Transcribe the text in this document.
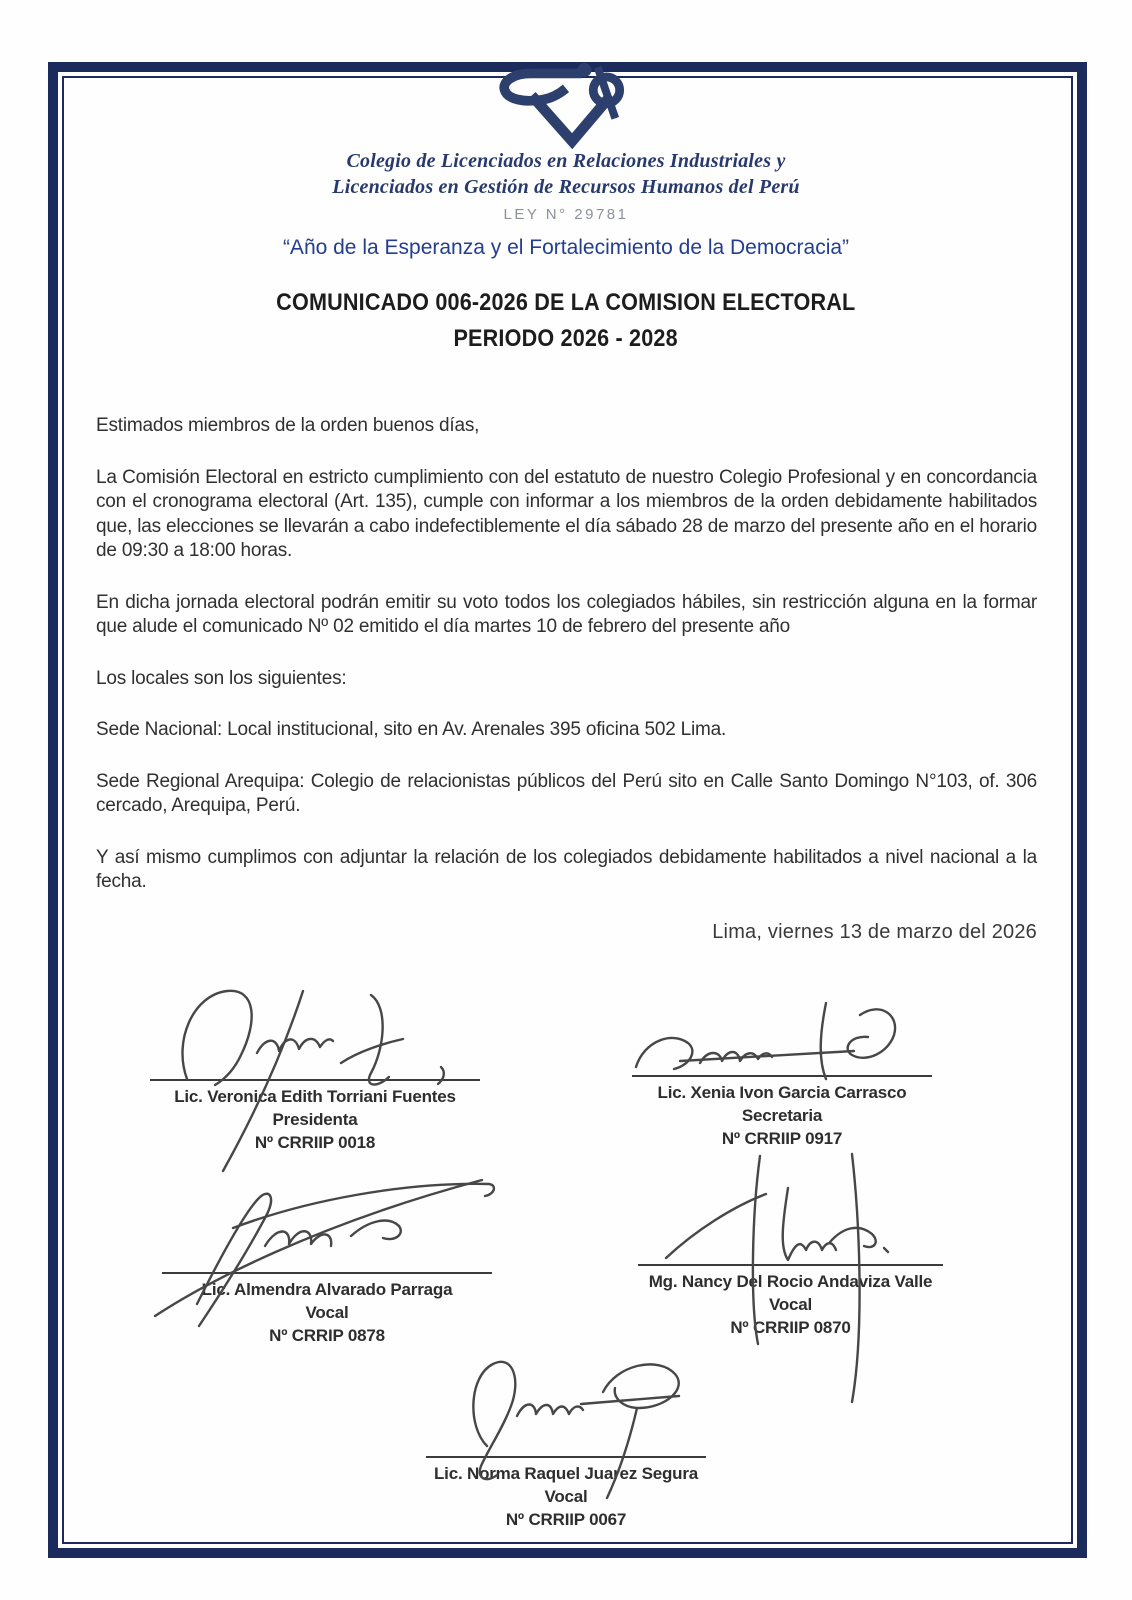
Colegio de Licenciados en Relaciones Industriales y
Licenciados en Gestión de Recursos Humanos del Perú
LEY N° 29781
“Año de la Esperanza y el Fortalecimiento de la Democracia”
COMUNICADO 006-2026 DE LA COMISION ELECTORAL
PERIODO 2026 - 2028

Estimados miembros de la orden buenos días,

La Comisión Electoral en estricto cumplimiento con del estatuto de nuestro Colegio Profesional y en concordancia con el cronograma electoral (Art. 135), cumple con informar a los miembros de la orden debidamente habilitados que, las elecciones se llevarán a cabo indefectiblemente el día sábado 28 de marzo del presente año en el horario de 09:30 a 18:00 horas.

En dicha jornada electoral podrán emitir su voto todos los colegiados hábiles, sin restricción alguna en la formar que alude el comunicado Nº 02 emitido el día martes 10 de febrero del presente año

Los locales son los siguientes:

Sede Nacional: Local institucional, sito en Av. Arenales 395 oficina 502 Lima.

Sede Regional Arequipa: Colegio de relacionistas públicos del Perú sito en Calle Santo Domingo N°103, of. 306 cercado, Arequipa, Perú.

Y así mismo cumplimos con adjuntar la relación de los colegiados debidamente habilitados a nivel nacional a la fecha.

Lima, viernes 13 de marzo del 2026
Lic. Veronica Edith Torriani Fuentes
Presidenta
Nº CRRIIP 0018
Lic. Xenia Ivon Garcia Carrasco
Secretaria
Nº CRRIIP 0917
Lic. Almendra Alvarado Parraga
Vocal
Nº CRRIP 0878
Mg. Nancy Del Rocio Andaviza Valle
Vocal
Nº CRRIIP 0870
Lic. Norma Raquel Juarez Segura
Vocal
Nº CRRIIP 0067
